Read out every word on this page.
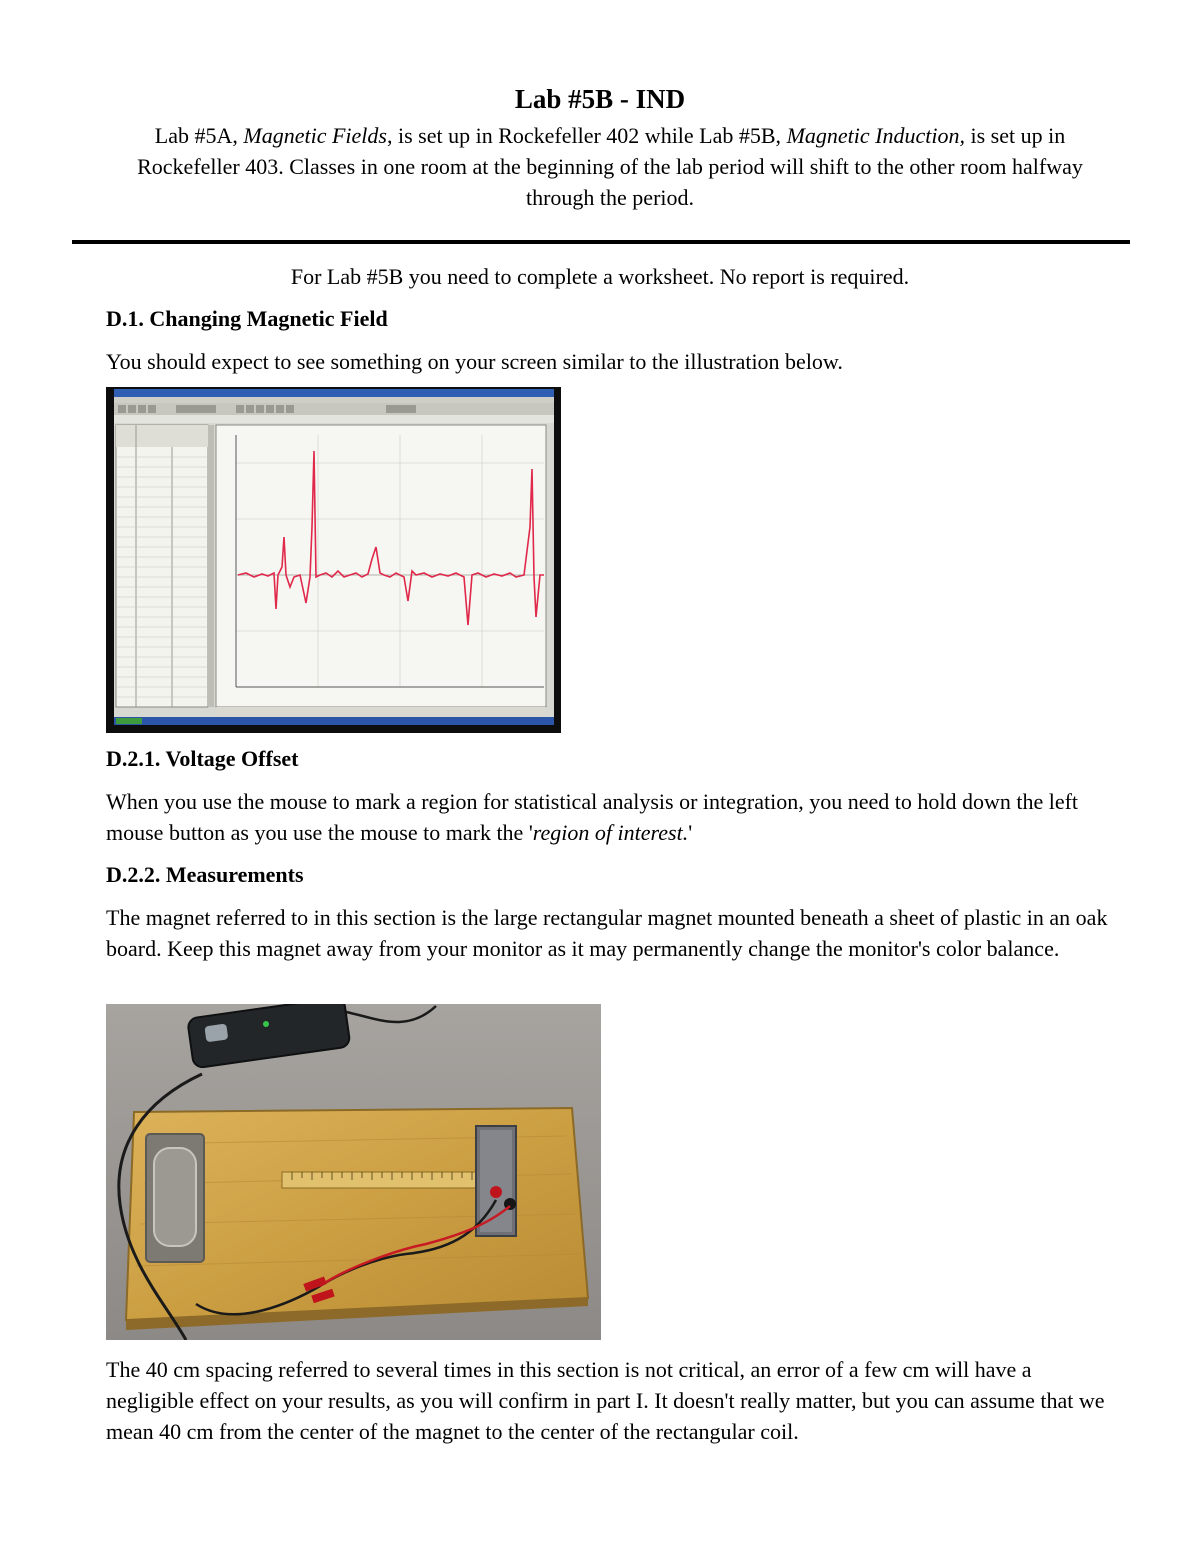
Lab #5B - IND
Lab #5A, Magnetic Fields, is set up in Rockefeller 402 while Lab #5B, Magnetic Induction, is set up in Rockefeller 403. Classes in one room at the beginning of the lab period will shift to the other room halfway through the period.
For Lab #5B you need to complete a worksheet. No report is required.
D.1. Changing Magnetic Field
You should expect to see something on your screen similar to the illustration below.
D.2.1. Voltage Offset
When you use the mouse to mark a region for statistical analysis or integration, you need to hold down the left mouse button as you use the mouse to mark the 'region of interest.'
D.2.2. Measurements
The magnet referred to in this section is the large rectangular magnet mounted beneath a sheet of plastic in an oak board. Keep this magnet away from your monitor as it may permanently change the monitor's color balance.
The 40 cm spacing referred to several times in this section is not critical, an error of a few cm will have a negligible effect on your results, as you will confirm in part I. It doesn't really matter, but you can assume that we mean 40 cm from the center of the magnet to the center of the rectangular coil.
